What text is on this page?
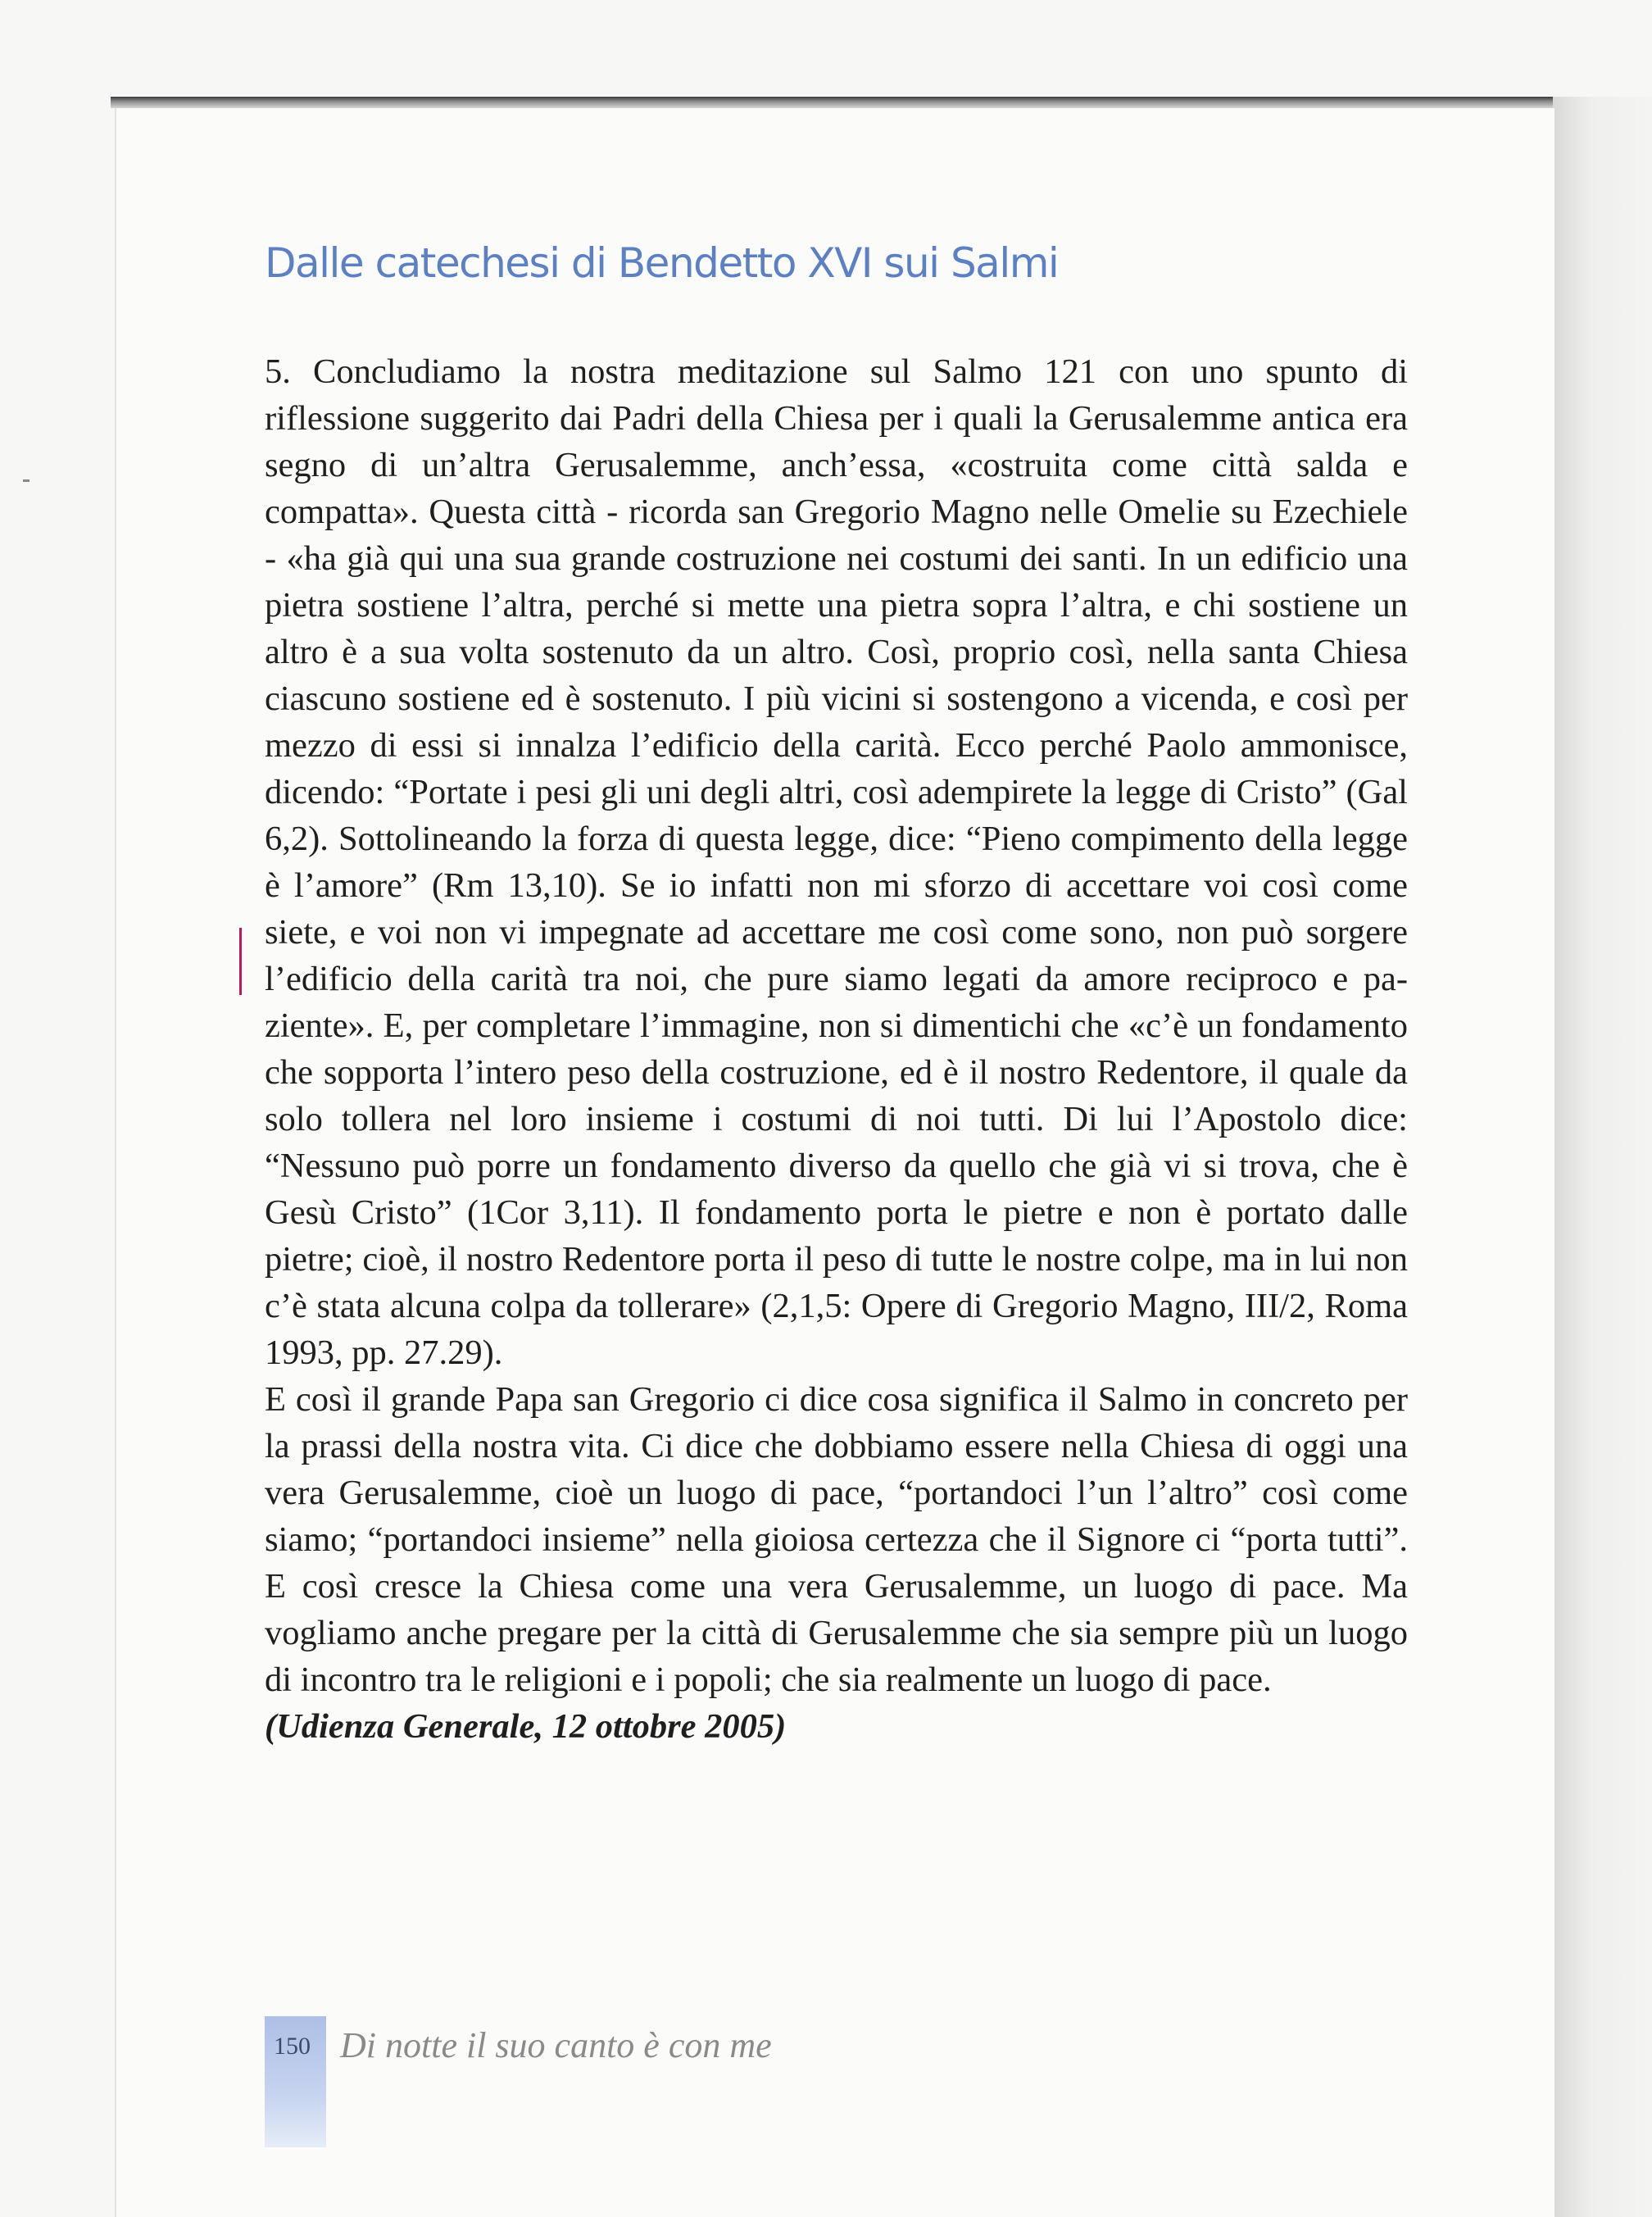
Dalle catechesi di Bendetto XVI sui Salmi

5. Concludiamo la nostra meditazione sul Salmo 121 con uno spunto di riflessione suggerito dai Padri della Chiesa per i quali la Gerusalemme antica era segno di un’altra Gerusalemme, anch’essa, «costruita come città salda e compatta». Questa città - ricorda san Gregorio Magno nelle Omelie su Ezechiele - «ha già qui una sua grande costruzione nei costumi dei santi. In un edificio una pietra sostiene l’altra, perché si mette una pietra sopra l’altra, e chi sostiene un altro è a sua volta sostenuto da un altro. Così, proprio così, nella santa Chiesa ciascuno sostiene ed è sostenuto. I più vicini si sostengono a vicenda, e così per mezzo di essi si innalza l’edificio della carità. Ecco perché Paolo ammonisce, dicendo: “Portate i pesi gli uni degli altri, così adempirete la legge di Cristo” (Gal 6,2). Sottolineando la forza di questa legge, dice: “Pieno compimento della legge è l’amore” (Rm 13,10). Se io infatti non mi sforzo di accettare voi così come siete, e voi non vi impegnate ad accettare me così come sono, non può sorgere l’edificio della carità tra noi, che pure siamo legati da amore reciproco e paziente». E, per completare l’immagine, non si dimentichi che «c’è un fondamento che sopporta l’intero peso della costruzione, ed è il nostro Redentore, il quale da solo tollera nel loro insieme i costumi di noi tutti. Di lui l’Apostolo dice: “Nessuno può porre un fondamento diverso da quello che già vi si trova, che è Gesù Cristo” (1Cor 3,11). Il fondamento porta le pietre e non è portato dalle pietre; cioè, il nostro Redentore porta il peso di tutte le nostre colpe, ma in lui non c’è stata alcuna colpa da tollerare» (2,1,5: Opere di Gregorio Magno, III/2, Roma 1993, pp. 27.29).

E così il grande Papa san Gregorio ci dice cosa significa il Salmo in concreto per la prassi della nostra vita. Ci dice che dobbiamo essere nella Chiesa di oggi una vera Gerusalemme, cioè un luogo di pace, “portandoci l’un l’altro” così come siamo; “portandoci insieme” nella gioiosa certezza che il Signore ci “porta tutti”. E così cresce la Chiesa come una vera Gerusalemme, un luogo di pace. Ma vogliamo anche pregare per la città di Gerusalemme che sia sempre più un luogo di incontro tra le religioni e i popoli; che sia realmente un luogo di pace.

(Udienza Generale, 12 ottobre 2005)

150 Di notte il suo canto è con me
